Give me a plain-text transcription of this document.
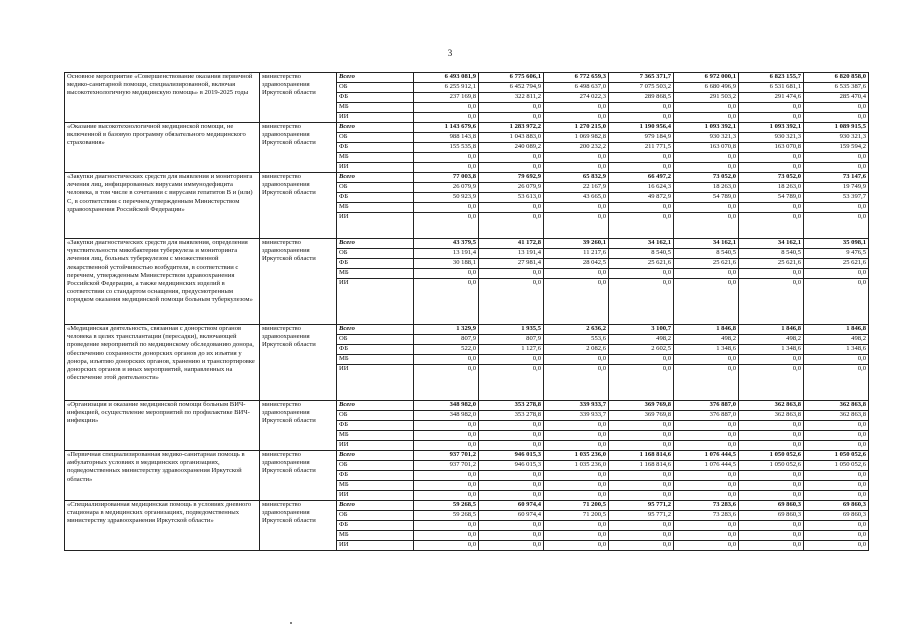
3
Основное мероприятие «Совершенствование оказания первичной медико-санитарной помощи, специализированной, включая высокотехнологичную медицинскую помощь» в 2019-2025 годы	министерство здравоохранения Иркутской области	Всего	6 493 081,9	6 775 606,1	6 772 659,3	7 365 371,7	6 972 000,1	6 823 155,7	6 820 858,0
		ОБ	6 255 912,1	6 452 794,9	6 498 637,0	7 075 503,2	6 680 496,9	6 531 681,1	6 535 387,6
		ФБ	237 169,8	322 811,2	274 022,3	289 868,5	291 503,2	291 474,6	285 470,4
		МБ	0,0	0,0	0,0	0,0	0,0	0,0	0,0
		ИИ	0,0	0,0	0,0	0,0	0,0	0,0	0,0
«Оказание высокотехнологичной медицинской помощи, не включенной в базовую программу обязательного медицинского страхования»	министерство здравоохранения Иркутской области	Всего	1 143 679,6	1 283 972,2	1 270 215,0	1 190 956,4	1 093 392,1	1 093 392,1	1 089 915,5
		ОБ	988 143,8	1 043 883,0	1 069 982,8	979 184,9	930 321,3	930 321,3	930 321,3
		ФБ	155 535,8	240 089,2	200 232,2	211 771,5	163 070,8	163 070,8	159 594,2
		МБ	0,0	0,0	0,0	0,0	0,0	0,0	0,0
		ИИ	0,0	0,0	0,0	0,0	0,0	0,0	0,0
«Закупки диагностических средств для выявления и мониторинга лечения лиц, инфицированных вирусами иммунодефицита человека, в том числе в сочетании с вирусами гепатитов В и (или) С, в соответствии с перечнем,утвержденным Министерством здравоохранения Российской Федерации»	министерство здравоохранения Иркутской области	Всего	77 003,8	79 692,9	65 832,9	66 497,2	73 052,0	73 052,0	73 147,6
		ОБ	26 079,9	26 079,9	22 167,9	16 624,3	18 263,0	18 263,0	19 749,9
		ФБ	50 923,9	53 613,0	43 665,0	49 872,9	54 789,0	54 789,0	53 397,7
		МБ	0,0	0,0	0,0	0,0	0,0	0,0	0,0
		ИИ	0,0	0,0	0,0	0,0	0,0	0,0	0,0
«Закупки диагностических средств для выявления, определения чувствительности микобактерии туберкулеза и мониторинга лечения лиц, больных туберкулезом с множественной лекарственной устойчивостью возбудителя, в соответствии с перечнем, утвержденным Министерством здравоохранения Российской Федерации, а также медицинских изделий в соответствии со стандартом оснащения, предусмотренным порядком оказания медицинской помощи больным туберкулезом»	министерство здравоохранения Иркутской области	Всего	43 379,5	41 172,8	39 260,1	34 162,1	34 162,1	34 162,1	35 098,1
		ОБ	13 191,4	13 191,4	11 217,6	8 540,5	8 540,5	8 540,5	9 476,5
		ФБ	30 188,1	27 981,4	28 042,5	25 621,6	25 621,6	25 621,6	25 621,6
		МБ	0,0	0,0	0,0	0,0	0,0	0,0	0,0
		ИИ	0,0	0,0	0,0	0,0	0,0	0,0	0,0
«Медицинская деятельность, связанная с донорством органов человека в целях трансплантации (пересадки), включающей проведение мероприятий по медицинскому обследованию донора, обеспечению сохранности донорских органов до их изъятия у донора, изъятию донорских органов, хранению и транспортировке донорских органов и иных мероприятий, направленных на обеспечение этой деятельности»	министерство здравоохранения Иркутской области	Всего	1 329,9	1 935,5	2 636,2	3 100,7	1 846,8	1 846,8	1 846,8
		ОБ	807,9	807,9	553,6	498,2	498,2	498,2	498,2
		ФБ	522,0	1 127,6	2 082,6	2 602,5	1 348,6	1 348,6	1 348,6
		МБ	0,0	0,0	0,0	0,0	0,0	0,0	0,0
		ИИ	0,0	0,0	0,0	0,0	0,0	0,0	0,0
«Организация и оказание медицинской помощи больным ВИЧ-инфекцией, осуществление мероприятий по профилактике ВИЧ-инфекции»	министерство здравоохранения Иркутской области	Всего	348 982,0	353 278,8	339 933,7	369 769,8	376 887,0	362 863,8	362 863,8
		ОБ	348 982,0	353 278,8	339 933,7	369 769,8	376 887,0	362 863,8	362 863,8
		ФБ	0,0	0,0	0,0	0,0	0,0	0,0	0,0
		МБ	0,0	0,0	0,0	0,0	0,0	0,0	0,0
		ИИ	0,0	0,0	0,0	0,0	0,0	0,0	0,0
«Первичная специализированная медико-санитарная помощь в амбулаторных условиях в медицинских организациях, подведомственных министерству здравоохранения Иркутской области»	министерство здравоохранения Иркутской области	Всего	937 701,2	946 015,3	1 035 236,0	1 168 814,6	1 076 444,5	1 050 052,6	1 050 052,6
		ОБ	937 701,2	946 015,3	1 035 236,0	1 168 814,6	1 076 444,5	1 050 052,6	1 050 052,6
		ФБ	0,0	0,0	0,0	0,0	0,0	0,0	0,0
		МБ	0,0	0,0	0,0	0,0	0,0	0,0	0,0
		ИИ	0,0	0,0	0,0	0,0	0,0	0,0	0,0
«Специализированная медицинская помощь в условиях дневного стационара в медицинских организациях, подведомственных министерству здравоохранения Иркутской области»	министерство здравоохранения Иркутской области	Всего	59 268,5	60 974,4	71 200,5	95 771,2	73 283,6	69 860,3	69 860,3
		ОБ	59 268,5	60 974,4	71 200,5	95 771,2	73 283,6	69 860,3	69 860,3
		ФБ	0,0	0,0	0,0	0,0	0,0	0,0	0,0
		МБ	0,0	0,0	0,0	0,0	0,0	0,0	0,0
		ИИ	0,0	0,0	0,0	0,0	0,0	0,0	0,0
